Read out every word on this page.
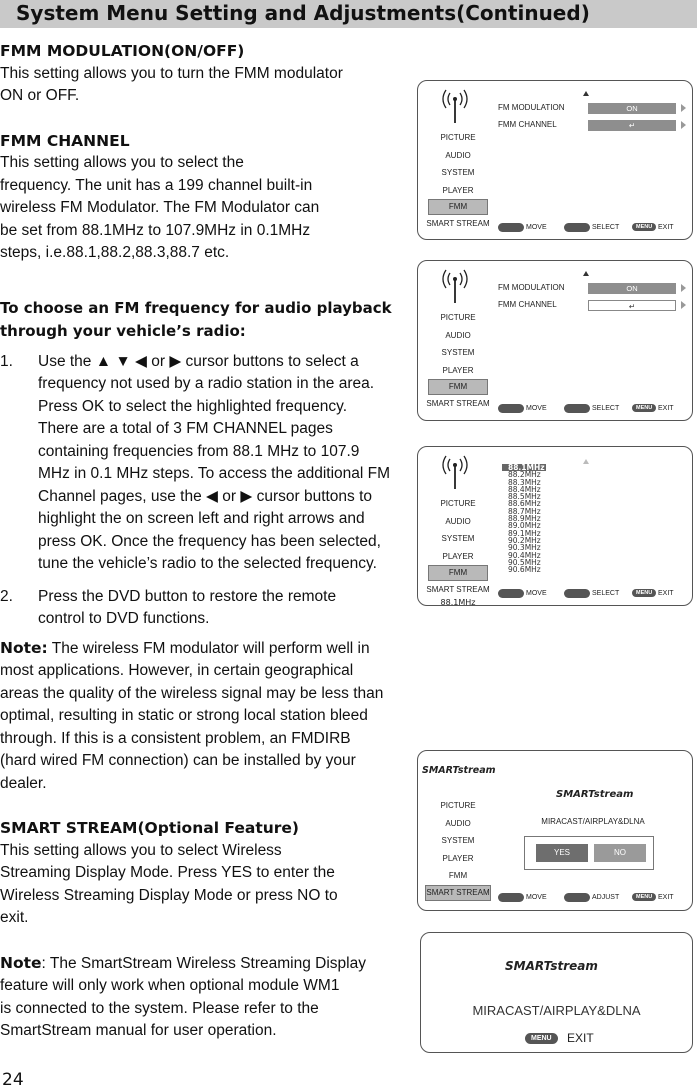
System Menu Setting and Adjustments(Continued)

FMM MODULATION(ON/OFF)

This setting allows you to turn the FMM modulator

ON or OFF.

FMM CHANNEL

This setting allows you to select the

frequency. The unit has a 199 channel built-in

wireless FM Modulator. The FM Modulator can

be set from 88.1MHz to 107.9MHz in 0.1MHz

steps, i.e.88.1,88.2,88.3,88.7 etc.

To choose an FM frequency for audio playback

through your vehicle’s radio:

1. Use the ▲ ▼ ◀ or ▶ cursor buttons to select a

frequency not used by a radio station in the area.

Press OK to select the highlighted frequency.

There are a total of 3 FM CHANNEL pages

containing frequencies from 88.1 MHz to 107.9

MHz in 0.1 MHz steps. To access the additional FM

Channel pages, use the ◀ or ▶ cursor buttons to

highlight the on screen left and right arrows and

press OK. Once the frequency has been selected,

tune the vehicle’s radio to the selected frequency.

2. Press the DVD button to restore the remote

control to DVD functions.

Note: The wireless FM modulator will perform well in

most applications. However, in certain geographical

areas the quality of the wireless signal may be less than

optimal, resulting in static or strong local station bleed

through. If this is a consistent problem, an FMDIRB

(hard wired FM connection) can be installed by your

dealer.

SMART STREAM(Optional Feature)

This setting allows you to select Wireless

Streaming Display Mode. Press YES to enter the

Wireless Streaming Display Mode or press NO to

exit.

Note: The SmartStream Wireless Streaming Display

feature will only work when optional module WM1

is connected to the system. Please refer to the

SmartStream manual for user operation.

24
PICTURE
AUDIO
SYSTEM
PLAYER
FMM
SMART STREAM
FM MODULATION	ON
FMM CHANNEL	↵
MOVE	SELECT	MENU EXIT
PICTURE
AUDIO
SYSTEM
PLAYER
FMM
SMART STREAM
FM MODULATION	ON
FMM CHANNEL	↵
MOVE	SELECT	MENU EXIT
PICTURE
AUDIO
SYSTEM
PLAYER
FMM
SMART STREAM
88.1MHz
88.1MHz
88.2MHz
88.3MHz
88.4MHz
88.5MHz
88.6MHz
88.7MHz
88.9MHz
89.0MHz
89.1MHz
90.2MHz
90.3MHz
90.4MHz
90.5MHz
90.6MHz
MOVE	SELECT	MENU EXIT
SMARTstream
PICTURE
AUDIO
SYSTEM
PLAYER
FMM
SMART STREAM
SMARTstream
MIRACAST/AIRPLAY&DLNA
YES	NO
MOVE	ADJUST	MENU EXIT
SMARTstream
MIRACAST/AIRPLAY&DLNA
MENU	EXIT
